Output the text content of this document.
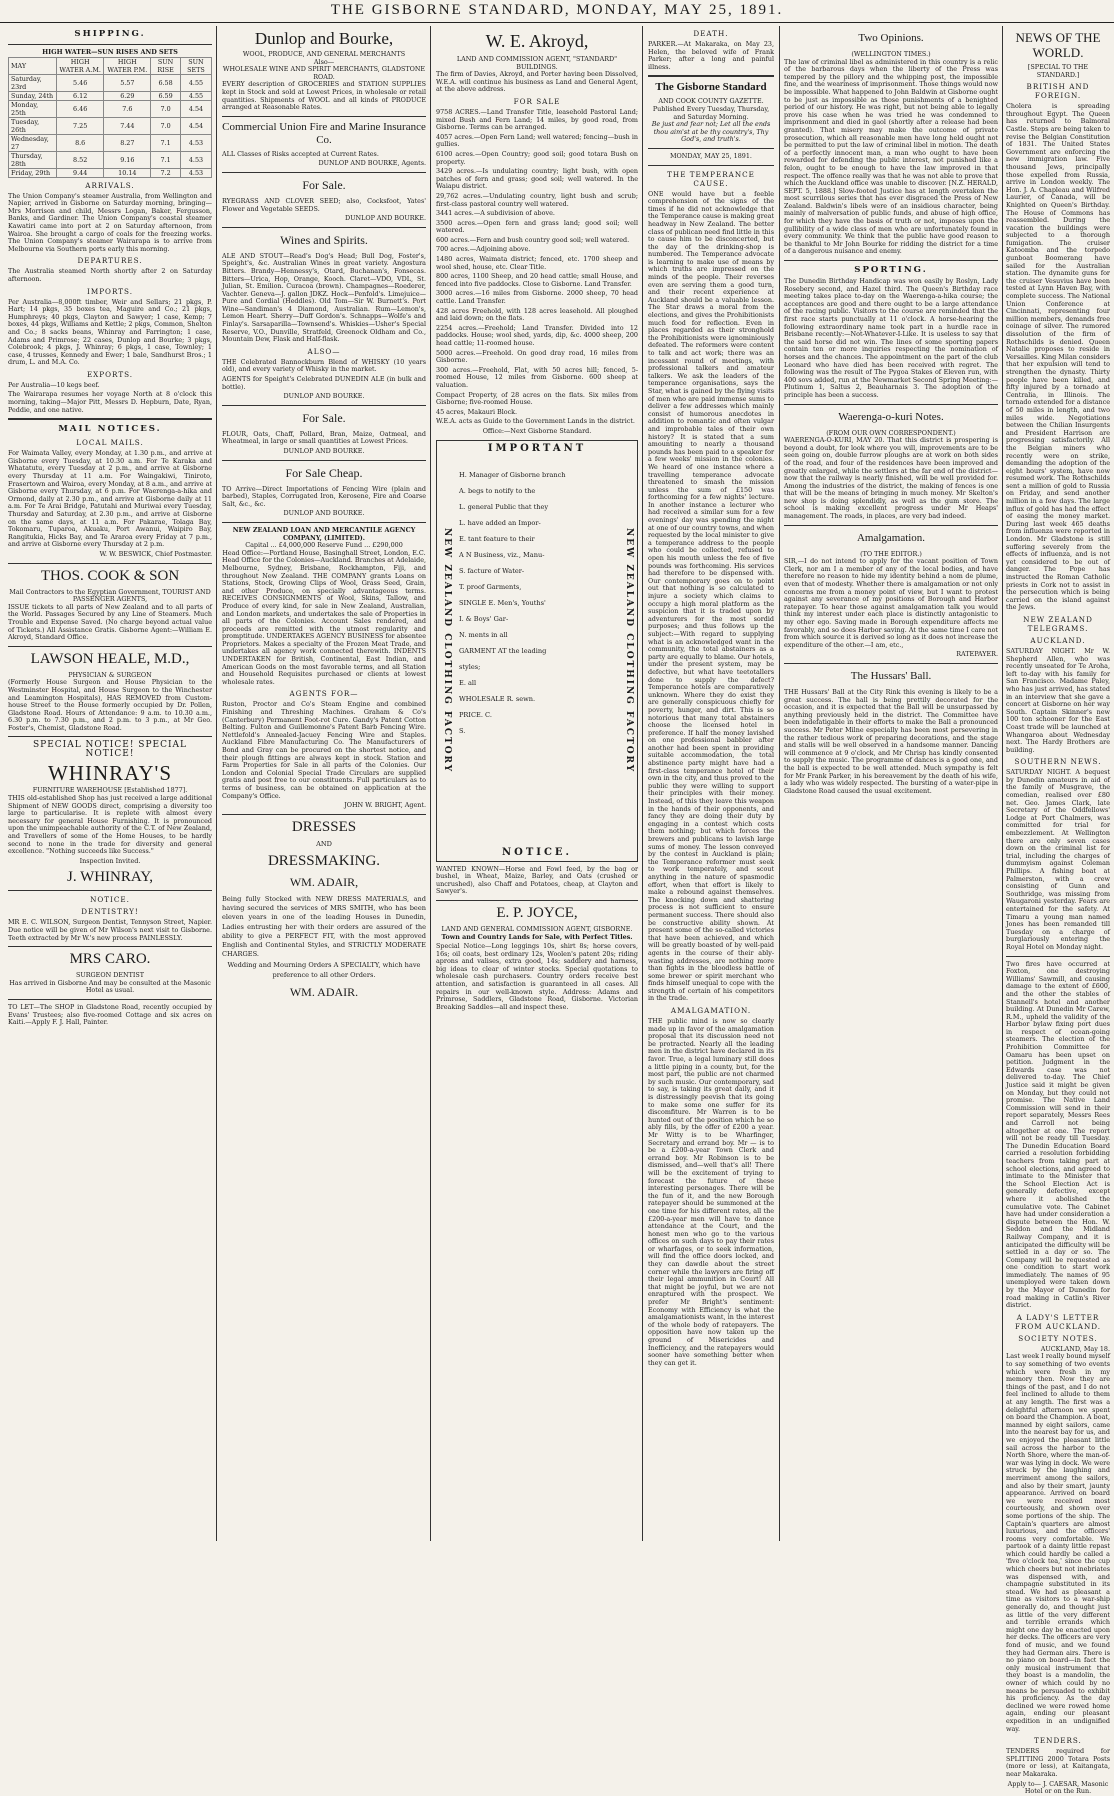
THE GISBORNE STANDARD, MONDAY, MAY 25, 1891.
SHIPPING.
HIGH WATER—SUN RISES AND SETS
MAY	HIGH WATER A.M.	HIGH WATER P.M.	SUN RISE	SUN SETS
Saturday, 23rd	5.46	5.57	6.58	4.55
Sunday, 24th	6.12	6.29	6.59	4.55
Monday, 25th	6.46	7.6	7.0	4.54
Tuesday, 26th	7.25	7.44	7.0	4.54
Wednesday, 27	8.6	8.27	7.1	4.53
Thursday, 28th	8.52	9.16	7.1	4.53
Friday, 29th	9.44	10.14	7.2	4.53
ARRIVALS.

The Union Company's steamer Australia, from Wellington and Napier, arrived in Gisborne on Saturday morning, bringing—Mrs Morrison and child, Messrs Logan, Baker, Fergusson, Banks, and Gardiner. The Union Company's coastal steamer Kawatiri came into port at 2 on Saturday afternoon, from Wairoa. She brought a cargo of coals for the freezing works. The Union Company's steamer Wairarapa is to arrive from Melbourne via Southern ports early this morning.

DEPARTURES.

The Australia steamed North shortly after 2 on Saturday afternoon.

IMPORTS.

Per Australia—8,000ft timber, Weir and Sellars; 21 pkgs, P. Hart; 14 pkgs, 35 boxes tea, Maguire and Co.; 21 pkgs, Humphreys; 40 pkgs, Clayton and Sawyer; 1 case, Kemp; 7 boxes, 44 pkgs, Williams and Kettle; 2 pkgs, Common, Shelton and Co.; 8 sacks beans, Whinray and Farrington; 1 case, Adams and Primrose; 22 cases, Dunlop and Bourke; 3 pkgs, Colebrook; 4 pkgs, J. Whinray; 6 pkgs, 1 case, Townley; 1 case, 4 trusses, Kennedy and Ewer; 1 bale, Sandhurst Bros.; 1 drum, L. and M.A. Co.

EXPORTS.

Per Australia—10 kegs beef.

The Wairarapa resumes her voyage North at 8 o'clock this morning, taking—Major Pitt, Messrs D. Hepburn, Date, Ryan, Peddie, and one native.

MAIL NOTICES.
LOCAL MAILS.

For Waimata Valley, every Monday, at 1.30 p.m., and arrive at Gisborne every Tuesday, at 10.30 a.m. For Te Karaka and Whatatutu, every Tuesday at 2 p.m., and arrive at Gisborne every Thursday at 11 a.m. For Waingakiwi, Tiniroto, Frasertown and Wairoa, every Monday, at 8 a.m., and arrive at Gisborne every Thursday, at 6 p.m. For Waerenga-a-hika and Ormond, daily at 2.30 p.m., and arrive at Gisborne daily at 11 a.m. For Te Arai Bridge, Patutahi and Muriwai every Tuesday, Thursday and Saturday, at 2.30 p.m., and arrive at Gisborne on the same days, at 11 a.m. For Pakarae, Tolaga Bay, Tokomaru, Tuparoa, Akuaku, Port Awanui, Waipiro Bay, Rangitukia, Hicks Bay, and Te Araroa every Friday at 7 p.m., and arrive at Gisborne every Thursday at 2 p.m.

W. W. BESWICK, Chief Postmaster.

THOS. COOK & SON
Mail Contractors to the Egyptian Government, TOURIST AND PASSENGER AGENTS,

ISSUE tickets to all parts of New Zealand and to all parts of the World. Passages Secured by any Line of Steamers. Much Trouble and Expense Saved. (No charge beyond actual value of Tickets.) All Assistance Gratis. Gisborne Agent:—William E. Akroyd, Standard Office.

LAWSON HEALE, M.D.,
PHYSICIAN & SURGEON

(Formerly House Surgeon and House Physician to the Westminster Hospital, and House Surgeon to the Winchester and Leamington Hospitals), HAS REMOVED from Custom-house Street to the House formerly occupied by Dr. Pollen, Gladstone Road. Hours of Attendance: 9 a.m. to 10.30 a.m., 6.30 p.m. to 7.30 p.m., and 2 p.m. to 3 p.m., at Mr Geo. Foster's, Chemist, Gladstone Road.

SPECIAL NOTICE! SPECIAL NOTICE!
WHINRAY'S
FURNITURE WAREHOUSE [Established 1877].

THIS old-established Shop has just received a large additional Shipment of NEW GOODS direct, comprising a diversity too large to particularise. It is replete with almost every necessary for general House Furnishing. It is pronounced upon the unimpeachable authority of the C.T. of New Zealand, and Travellers of some of the Home Houses, to be hardly second to none in the trade for diversity and general excellence. "Nothing succeeds like Success."

Inspection Invited.
J. WHINRAY,
NOTICE.
DENTISTRY!

MR E. C. WILSON, Surgeon Dentist, Tennyson Street, Napier. Due notice will be given of Mr Wilson's next visit to Gisborne. Teeth extracted by Mr W.'s new process PAINLESSLY.

MRS CARO.
SURGEON DENTIST

Has arrived in Gisborne And may be consulted at the Masonic Hotel as usual.

TO LET—The SHOP in Gladstone Road, recently occupied by Evans' Trustees; also five-roomed Cottage and six acres on Kaiti.—Apply F. J. Hall, Painter.

Dunlop and Bourke,
WOOL, PRODUCE, AND GENERAL MERCHANTS
Also—
WHOLESALE WINE AND SPIRIT MERCHANTS, GLADSTONE ROAD.

EVERY description of GROCERIES and STATION SUPPLIES kept in Stock and sold at Lowest Prices, in wholesale or retail quantities. Shipments of WOOL and all kinds of PRODUCE arranged at Reasonable Rates.

Commercial Union Fire and Marine Insurance Co.

ALL Classes of Risks accepted at Current Rates.

DUNLOP AND BOURKE, Agents.

For Sale.

RYEGRASS AND CLOVER SEED; also, Cocksfoot, Yates' Flower and Vegetable SEEDS.

DUNLOP AND BOURKE.

Wines and Spirits.

ALE AND STOUT—Read's Dog's Head; Bull Dog, Foster's, Speight's, &c. Australian Wines in great variety. Angostura Bitters. Brandy—Hennessy's, Otard, Buchanan's, Fonsecas. Bitters—Urica, Hop, Orange, Kooch. Claret—VDO, VDL, St. Julian, St. Emilion. Curacoa (brown). Champagnes—Roederer, Vachter. Geneva—J. gallon JDKZ. Hock—Penfold's. Limejuice—Pure and Cordial (Heddles). Old Tom—Sir W. Burnett's. Port Wine—Sandiman's 4 Diamond, Australian. Rum—Lemon's, Lemon Heart. Sherry—Duff Gordon's. Schnapps—Wolfe's and Finlay's. Sarsaparilla—Townsend's. Whiskies—Usher's Special Reserve, V.O., Dunville, Stratfeld, Greenock Oldham and Co., Mountain Dew, Flask and Half-flask.

ALSO—

THE Celebrated Bannockburn Blend of WHISKY (10 years old), and every variety of Whisky in the market.

AGENTS for Speight's Celebrated DUNEDIN ALE (in bulk and bottle).

DUNLOP AND BOURKE.

For Sale.

FLOUR, Oats, Chaff, Pollard, Bran, Maize, Oatmeal, and Wheatmeal, in large or small quantities at Lowest Prices.

DUNLOP AND BOURKE.

For Sale Cheap.

TO Arrive—Direct Importations of Fencing Wire (plain and barbed), Staples, Corrugated Iron, Kerosene, Fire and Coarse Salt, &c., &c.

DUNLOP AND BOURKE.

NEW ZEALAND LOAN AND MERCANTILE AGENCY COMPANY, (LIMITED).
Capital ... £4,000,000 Reserve Fund ... £290,000
Head Office:—Portland House, Basinghall Street, London, E.C.

Head Office for the Colonies—Auckland. Branches at Adelaide, Melbourne, Sydney, Brisbane, Rockhampton, Fiji, and throughout New Zealand. THE COMPANY grants Loans on Stations, Stock, Growing Clips of Wool, Grass Seed, Grain, and other Produce, on specially advantageous terms. RECEIVES CONSIGNMENTS of Wool, Skins, Tallow, and Produce of every kind, for sale in New Zealand, Australian, and London markets, and undertakes the sale of Properties in all parts of the Colonies. Account Sales rendered, and proceeds are remitted with the utmost regularity and promptitude. UNDERTAKES AGENCY BUSINESS for absentee Proprietors. Makes a specialty of the Frozen Meat Trade, and undertakes all agency work connected therewith. INDENTS UNDERTAKEN for British, Continental, East Indian, and American Goods on the most favorable terms, and all Station and Household Requisites purchased or clients at lowest wholesale rates.

AGENTS FOR—

Ruston, Proctor and Co's Steam Engine and combined Finishing and Threshing Machines. Graham & Co's (Canterbury) Permanent Foot-rot Cure. Gandy's Patent Cotton Belting. Fulton and Guillemonne's Patent Barb Fencing Wire. Nettlefold's Annealed-Jacuey Fencing Wire and Staples. Auckland Fibre Manufacturing Co. The Manufacturers of Bond and Gray can be procured on the shortest notice, and their plough fittings are always kept in stock. Station and Farm Properties for Sale in all parts of the Colonies. Our London and Colonial Special Trade Circulars are supplied gratis and post free to our constituents. Full particulars as to terms of business, can be obtained on application at the Company's Office.

JOHN W. BRIGHT, Agent.

DRESSES
AND
DRESSMAKING.
WM. ADAIR,

Being fully Stocked with NEW DRESS MATERIALS, and having secured the services of MRS SMITH, who has been eleven years in one of the leading Houses in Dunedin, Ladies entrusting her with their orders are assured of the ability to give a PERFECT FIT, with the most approved English and Continental Styles, and STRICTLY MODERATE CHARGES.

Wedding and Mourning Orders A SPECIALTY, which have preference to all other Orders.

WM. ADAIR.
W. E. Akroyd,
LAND AND COMMISSION AGENT, "STANDARD" BUILDINGS.

The firm of Davies, Akroyd, and Porter having been Dissolved, W.E.A. will continue his business as Land and General Agent, at the above address.

FOR SALE

9758 ACRES.—Land Transfer Title, leasehold Pastoral Land; mixed Bush and Fern Land; 14 miles, by good road, from Gisborne. Terms can be arranged.

4057 acres.—Open Fern Land; well watered; fencing—bush in gullies.

6100 acres.—Open Country; good soil; good totara Bush on property.

3429 acres.—Is undulating country; light bush, with open patches of fern and grass; good soil; well watered. In the Waiapu district.

29,762 acres.—Undulating country, light bush and scrub; first-class pastoral country well watered.

3441 acres.—A subdivision of above.

3500 acres.—Open fern and grass land; good soil; well watered.

600 acres.—Fern and bush country good soil; well watered.

700 acres.—Adjoining above.

1480 acres, Waimata district; fenced, etc. 1700 sheep and wool shed, house, etc. Clear Title.

800 acres, 1100 Sheep, and 20 head cattle; small House, and fenced into five paddocks. Close to Gisborne. Land Transfer.

3000 acres.—16 miles from Gisborne. 2000 sheep, 70 head cattle. Land Transfer.

428 acres Freehold, with 128 acres leasehold. All ploughed and laid down; on the flats.

2254 acres.—Freehold; Land Transfer. Divided into 12 paddocks. House; wool shed, yards, dip, &c. 4000 sheep, 200 head cattle; 11-roomed house.

5000 acres.—Freehold. On good dray road, 16 miles from Gisborne.

300 acres.—Freehold, Flat, with 50 acres hill; fenced, 5-roomed House, 12 miles from Gisborne. 600 sheep at valuation.

Compact Property, of 28 acres on the flats. Six miles from Gisborne; five-roomed House.

45 acres, Makauri Block.

W.E.A. acts as Guide to the Government Lands in the district.

Office:—Next Gisborne Standard.

NEW ZEALAND CLOTHING FACTORY	NEW ZEALAND CLOTHING FACTORY
IMPORTANT
H. Manager of Gisborne branch
A. begs to notify to the
L. general Public that they
L. have added an Impor-
E. tant feature to their
A N Business, viz., Manu-
S. facture of Water-
T. proof Garments,
SINGLE E. Men's, Youths'
I. & Boys' Gar-
N. ments in all
GARMENT AT the leading
styles;
E. all
WHOLESALE R. sewn.
PRICE. C.
S.
NOTICE.

WANTED KNOWN—Horse and Fowl feed, by the bag or bushel, in Wheat, Maize, Barley, and Oats (crushed or uncrushed), also Chaff and Potatoes, cheap, at Clayton and Sawyer's.

E. P. JOYCE,
LAND AND GENERAL COMMISSION AGENT, GISBORNE.

Town and Country Lands for Sale, with Perfect Titles.

Special Notice—Long leggings 10s, shirt 8s; horse covers, 16s; oil coats, best ordinary 12s, Woolen's patent 20s; riding aprons and valises, extra good, 14s; saddlery and harness, big ideas to clear of winter stocks. Special quotations to wholesale cash purchasers. Country orders receive best attention, and satisfaction is guaranteed in all cases. All repairs in our well-known style. Address: Adams and Primrose, Saddlers, Gladstone Road, Gisborne. Victorian Breaking Saddles—all and inspect these.

DEATH.

PARKER.—At Makaraka, on May 23, Helen, the beloved wife of Frank Parker; after a long and painful illness.

The Gisborne Standard
AND COOK COUNTY GAZETTE.
Published Every Tuesday, Thursday, and Saturday Morning.
Be just and fear not; Let all the ends thou aim'st at be thy country's, Thy God's, and truth's.
MONDAY, MAY 25, 1891.
THE TEMPERANCE CAUSE.

ONE would have but a feeble comprehension of the signs of the times if he did not acknowledge that the Temperance cause is making great headway in New Zealand. The better class of publican need find little in this to cause him to be disconcerted, but the day of the drinking-shop is numbered. The Temperance advocate is learning to make use of means by which truths are impressed on the minds of the people. Their reverses even are serving them a good turn, and their recent experience at Auckland should be a valuable lesson. The Star draws a moral from the elections, and gives the Prohibitionists much food for reflection. Even in places regarded as their stronghold the Prohibitionists were ignominiously defeated. The reformers were content to talk and act work; there was an incessant round of meetings, with professional talkers and amateur talkers. We ask the leaders of the temperance organisations, says the Star, what is gained by the flying visits of men who are paid immense sums to deliver a few addresses which mainly consist of humorous anecdotes in addition to romantic and often vulgar and improbable tales of their own history? It is stated that a sum amounting to nearly a thousand pounds has been paid to a speaker for a few weeks' mission in the colonies. We heard of one instance where a travelling temperance advocate threatened to smash the mission unless the sum of £150 was forthcoming for a few nights' lecture. In another instance a lecturer who had received a similar sum for a few evenings' day was spending the night at one of our country towns, and when requested by the local minister to give a temperance address to the people who could be collected, refused to open his mouth unless the fee of five pounds was forthcoming. His services had therefore to be dispensed with. Our contemporary goes on to point out that nothing is so calculated to injure a society which claims to occupy a high moral platform as the suspicion that it is traded upon by adventurers for the most sordid purposes; and thus follows up the subject:—With regard to supplying what is an acknowledged want in the community, the total abstainers as a party are equally to blame. Our hotels, under the present system, may be defective, but what have teetotallers done to supply the defect? Temperance hotels are comparatively unknown. Where they do exist they are generally conspicuous chiefly for poverty, hunger, and dirt. This is so notorious that many total abstainers choose the licensed hotel in preference. If half the money lavished on one professional babbler after another had been spent in providing suitable accommodation, the total abstinence party might have had a first-class temperance hotel of their own in the city, and thus proved to the public they were willing to support their principles with their money. Instead, of this they leave this weapon in the hands of their opponents, and fancy they are doing their duty by engaging in a contest which costs them nothing; but which forces the brewers and publicans to lavish large sums of money. The lesson conveyed by the contest in Auckland is plain; the Temperance reformer must seek to work temperately, and scout anything in the nature of spasmodic effort, when that effort is likely to make a rebound against themselves. The knocking down and shattering process is not sufficient to ensure permanent success. There should also be constructive ability shown. At present some of the so-called victories that have been achieved, and which will be greatly boasted of by well-paid agents in the course of their ably-wasting addresses, are nothing more than fights in the bloodless battle of some brewer or spirit merchant who finds himself unequal to cope with the strength of certain of his competitors in the trade.

AMALGAMATION.

THE public mind is now so clearly made up in favor of the amalgamation proposal that its discussion need not be protracted. Nearly all the leading men in the district have declared in its favor. True, a legal luminary still does a little piping in a county, but, for the most part, the public are not charmed by such music. Our contemporary, sad to say, is taking its great daily, and it is distressingly peevish that its going to make some one suffer for its discomfiture. Mr Warren is to be hunted out of the position which he so ably fills, by the offer of £200 a year. Mr Witty is to be Wharfinger, Secretary and errand boy. Mr — is to be a £200-a-year Town Clerk and errand boy. Mr Robinson is to be dismissed, and—well that's all! There will be the excitement of trying to forecast the future of these interesting personages. There will be the fun of it, and the new Borough ratepayer should be summoned at the one time for his different rates, all the £200-a-year men will have to dance attendance at the Court, and the honest men who go to the various offices on such days to pay their rates or wharfages, or to seek information, will find the office doors locked, and they can dawdle about the street corner while the lawyers are firing off their legal ammunition in Court! All that might be joyful, but we are not enraptured with the prospect. We prefer Mr Bright's sentiment: Economy with Efficiency is what the amalgamationists want, in the interest of the whole body of ratepayers. The opposition have now taken up the ground of Misericides and Inefficiency, and the ratepayers would sooner have something better when they can get it.

Two Opinions.
(WELLINGTON TIMES.)

The law of criminal libel as administered in this country is a relic of the barbarous days when the liberty of the Press was tempered by the pillory and the whipping post, the impossible fine, and the weariness of imprisonment. Those things would now be impossible. What happened to John Baldwin at Gisborne ought to be just as impossible as those punishments of a benighted period of our history. He was right, but not being able to legally prove his case when he was tried he was condemned to imprisonment and died in gaol (shortly after a release had been granted). That misery may make the outcome of private prosecution, which all reasonable men have long held ought not be permitted to put the law of criminal libel in motion. The death of a perfectly innocent man, a man who ought to have been rewarded for defending the public interest, not punished like a felon, ought to be enough to have the law improved in that respect. The offence really was that he was not able to prove that which the Auckland office was unable to discover. [N.Z. HERALD, SEPT. 5, 1888.] Slow-footed Justice has at length overtaken the most scurrilous series that has ever disgraced the Press of New Zealand. Baldwin's libels were of an insidious character, being mainly of malversation of public funds, and abuse of high office, for which they have the basis of truth or not, imposes upon the gullibility of a wide class of men who are unfortunately found in every community. We think that the public have good reason to be thankful to Mr John Bourke for ridding the district for a time of a dangerous nuisance and enemy.

SPORTING.

The Dunedin Birthday Handicap was won easily by Roslyn, Lady Rosebery second, and Hazel third. The Queen's Birthday race meeting takes place to-day on the Waerenga-a-hika course; the acceptances are good and there ought to be a large attendance of the racing public. Visitors to the course are reminded that the first race starts punctually at 11 o'clock. A horse-hearing the following extraordinary name took part in a hurdle race in Brisbane recently:—Not-Whatever-I-Like. It is useless to say that the said horse did not win. The lines of some sporting papers contain ten or more inquiries respecting the nomination of horses and the chances. The appointment on the part of the club Leonard who have died has been received with regret. The following was the result of The Pygoa Stakes of Eleven run, with 400 sovs added, run at the Newmarket Second Spring Meeting:—Plutinum 1, Saltus 2, Beauharnais 3. The adoption of the principle has been a success.

Waerenga-o-kuri Notes.
(FROM OUR OWN CORRESPONDENT.)

WAERENGA-O-KURI, MAY 20. That this district is prospering is beyond a doubt, for look where you will, improvements are to be seen going on, double furrow ploughs are at work on both sides of the road, and four of the residences have been improved and greatly enlarged, while the settlers at the far end of the district—now that the railway is nearly finished, will be well provided for. Among the industries of the district, the making of fences is one that will be the means of bringing in much money. Mr Skelton's new shop is doing splendidly, as well as the gum store. The school is making excellent progress under Mr Heaps' management. The roads, in places, are very bad indeed.

Amalgamation.
(TO THE EDITOR.)

SIR,—I do not intend to apply for the vacant position of Town Clerk, nor am I a member of any of the local bodies, and have therefore no reason to hide my identity behind a nom de plume, even that of modesty. Whether there is amalgamation or not only concerns me from a money point of view, but I want to protest against any severance of my positions of Borough and Harbor ratepayer. To hear those against amalgamation talk you would think my interest under each place is distinctly antagonistic to my other ego. Saving made in Borough expenditure affects me favorably, and so does Harbor saving. At the same time I care not from which source it is derived so long as it does not increase the expenditure of the other.—I am, etc.,

RATEPAYER.

The Hussars' Ball.

THE Hussars' Ball at the City Rink this evening is likely to be a great success. The hall is being prettily decorated for the occasion, and it is expected that the Ball will be unsurpassed by anything previously held in the district. The Committee have been indefatigable in their efforts to make the Ball a pronounced success. Mr Peter Milne especially has been most persevering in the rather tedious work of preparing decorations, and the stage and stalls will be well observed in a handsome manner. Dancing will commence at 9 o'clock, and Mr Chrisp has kindly consented to supply the music. The programme of dances is a good one, and the ball is expected to be well attended. Much sympathy is felt for Mr Frank Parker, in his bereavement by the death of his wife, a lady who was widely respected. The bursting of a water-pipe in Gladstone Road caused the usual excitement.

NEWS OF THE WORLD.
[SPECIAL TO THE STANDARD.]
BRITISH AND FOREIGN.

Cholera is spreading throughout Egypt. The Queen has returned to Balmoral Castle. Steps are being taken to revise the Belgian Constitution of 1831. The United States Government are enforcing the new immigration law. Five thousand Jews, principally those expelled from Russia, arrive in London weekly. The Hon. J. A. Chapleau and Wilfred Laurier, of Canada, will be Knighted on Queen's Birthday. The House of Commons has reassembled. During the vacation the buildings were subjected to a thorough fumigation. The cruiser Katoomba and the torpedo gunboat Boomerang have sailed for the Australian station. The dynamite guns for the cruiser Vesuvius have been tested at Lynn Haven Bay, with complete success. The National Union Conference at Cincinnati, representing four million members, demands free coinage of silver. The rumored dissolution of the firm of Rothschilds is denied. Queen Natalie proposes to reside in Versailles. King Milan considers that her expulsion will tend to strengthen the dynasty. Thirty people have been killed, and fifty injured by a tornado at Centralia, in Illinois. The tornado extended for a distance of 50 miles in length, and two miles wide. Negotiations between the Chilian Insurgents and President Harrison are progressing satisfactorily. All the Belgian miners who recently were on strike, demanding the adoption of the eight hours' system, have now resumed work. The Rothschilds sent a million of gold to Russia on Friday, and send another million in a few days. The large influx of gold has had the effect of easing the money market. During last week 465 deaths from influenza were reported in London. Mr Gladstone is still suffering severely from the effects of influenza, and is not yet considered to be out of danger. The Pope has instructed the Roman Catholic priests in Cork not to assist in the persecution which is being carried on the island against the Jews.

NEW ZEALAND TELEGRAMS.
AUCKLAND.

SATURDAY NIGHT. Mr W. Shepherd Allen, who was recently unseated for Te Aroha, left to-day with his family for San Francisco. Madame Paley, who has just arrived, has stated in an interview that she gave a concert at Gisborne on her way South. Captain Skinner's new 100 ton schooner for the East Coast trade will be launched at Whangaroa about Wednesday next. The Hardy Brothers are building.

SOUTHERN NEWS.

SATURDAY NIGHT. A bequest by Dunedin amateurs in aid of the family of Musgrave, the comedian, realised over £80 net. Geo. James Clark, late Secretary of the Oddfellows' Lodge at Port Chalmers, was committed for trial for embezzlement. At Wellington there are only seven cases down on the criminal list for trial, including the charges of dummyism against Coleman Phillips. A fishing boat at Palmerston, with a crew consisting of Gunn and Southridge, was missing from Waugaroni yesterday. Fears are entertained for the safety. At Timaru a young man named Jones has been remanded till Tuesday on a charge of burglariously entering the Royal Hotel on Monday night.

Two fires have occurred at Foxton, one destroying Williams' Sawmill, and causing damage to the extent of £600, and the other the stables of Stannell's hotel and another building. At Dunedin Mr Carew, R.M., upheld the validity of the Harbor bylaw fixing port dues in respect of ocean-going steamers. The election of the Prohibition Committee for Oamaru has been upset on petition. Judgment in the Edwards case was not delivered to-day. The Chief Justice said it might be given on Monday, but they could not promise. The Native Land Commission will send in their report separately, Messrs Rees and Carroll not being altogether at one. The report will not be ready till Tuesday. The Dunedin Education Board carried a resolution forbidding teachers from taking part at school elections, and agreed to intimate to the Minister that the School Election Act is generally defective, except where it abolished the cumulative vote. The Cabinet have had under consideration a dispute between the Hon. W. Seddon and the Midland Railway Company, and it is anticipated the difficulty will be settled in a day or so. The Company will be requested as one condition to start work immediately. The names of 95 unemployed were taken down by the Mayor of Dunedin for road making in Catlin's River district.

A LADY'S LETTER FROM AUCKLAND.
SOCIETY NOTES.
AUCKLAND, May 18.

Last week I really bound myself to say something of two events which were fresh in my memory then. Now they are things of the past, and I do not feel inclined to allude to them at any length. The first was a delightful afternoon we spent on board the Champion. A boat, manned by eight sailors, came into the nearest bay for us, and we enjoyed the pleasant little sail across the harbor to the North Shore, where the man-of-war was lying in dock. We were struck by the laughing and merriment among the sailors, and also by their smart, jaunty appearance. Arrived on board we were received most courteously, and shown over some portions of the ship. The Captain's quarters are almost luxurious, and the officers' rooms very comfortable. We partook of a dainty little repast which could hardly be called a 'five o'clock tea,' since the cup which cheers but not inebriates was dispensed with, and champagne substituted in its stead. We had as pleasant a time as visitors to a war-ship generally do, and thought just as little of the very different and terrible errands which might one day be enacted upon her decks. The officers are very fond of music, and we found they had German airs. There is no piano on board—in fact the only musical instrument that they boast is a mandolin, the owner of which could by no means be persuaded to exhibit his proficiency. As the day declined we were rowed home again, ending our pleasant expedition in an undignified way.

TENDERS.

TENDERS required for SPLITTING 2000 Totara Posts (more or less), at Kaitangata, near Makaraka.

Apply to— J. CAESAR, Masonic Hotel or on the Run.
